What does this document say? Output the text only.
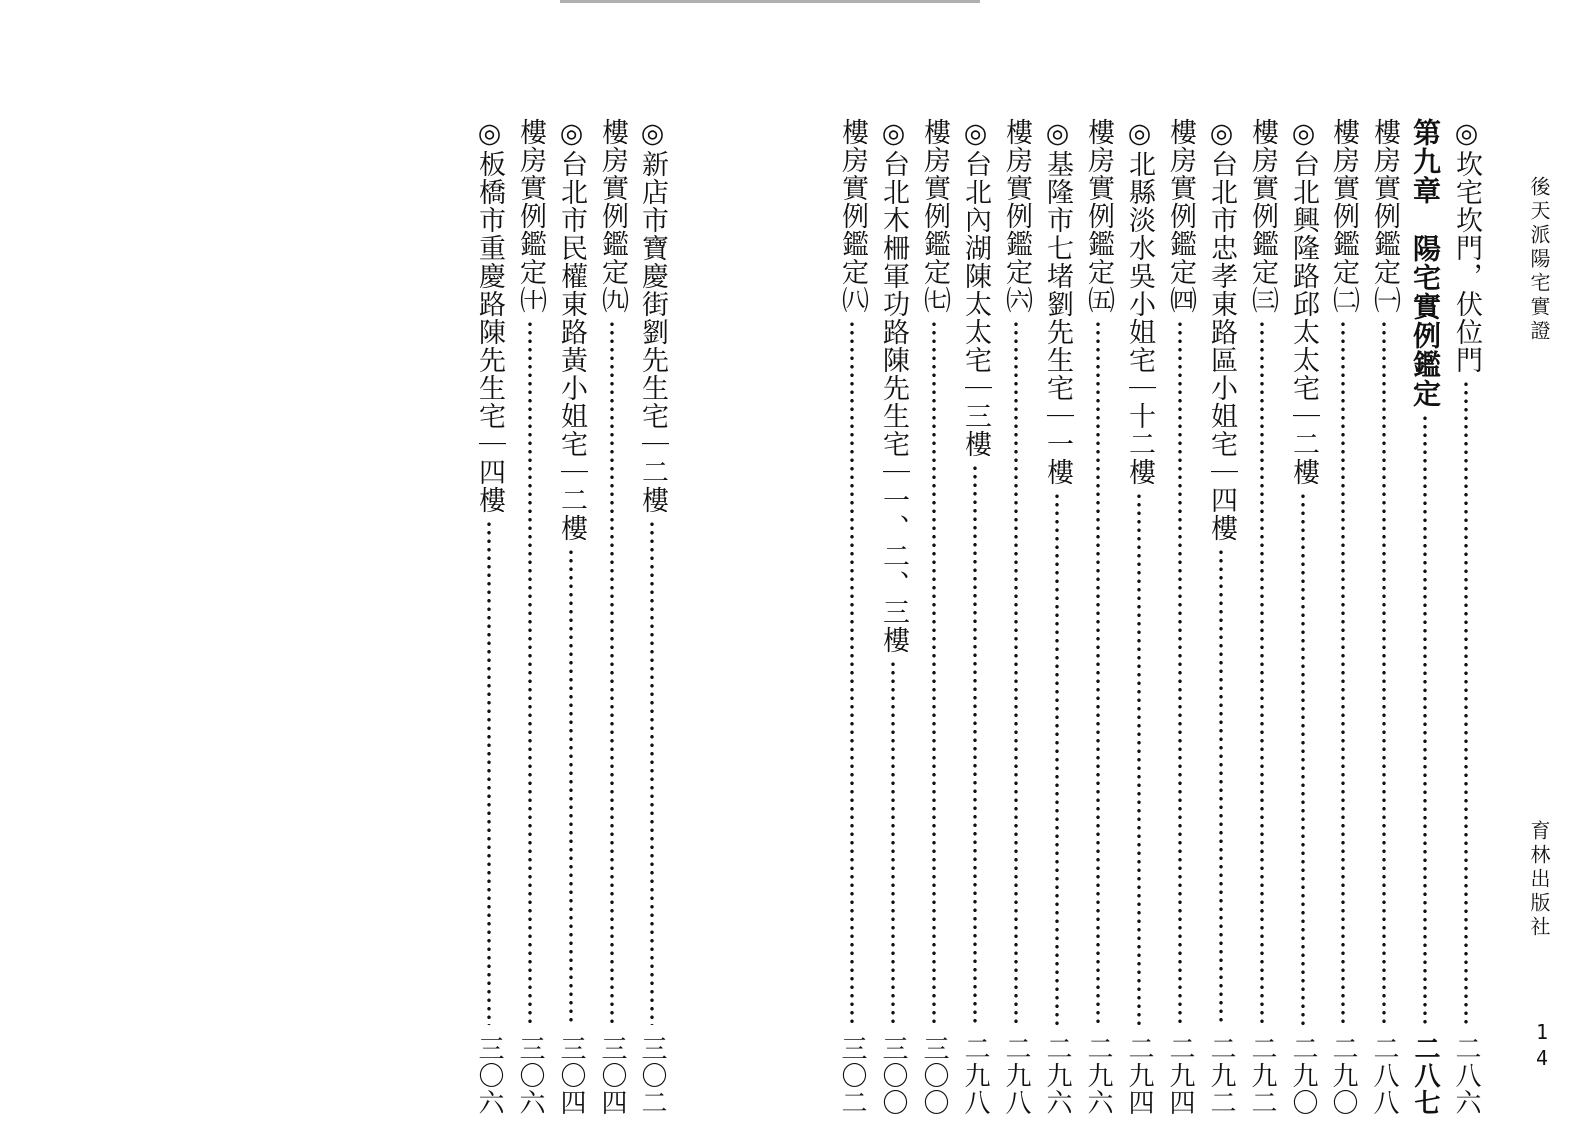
後天派陽宅實證
育林出版社
14
◎坎宅坎門，伏位門
二八六
第九章　陽宅實例鑑定
二八七
樓房實例鑑定㈠
二八八
◎台北興隆路邱太太宅｜二樓
二九〇
樓房實例鑑定㈡
二九〇
樓房實例鑑定㈢
二九二
◎台北市忠孝東路區小姐宅｜四樓
二九二
樓房實例鑑定㈣
二九四
◎北縣淡水吳小姐宅｜十二樓
二九四
樓房實例鑑定㈤
二九六
◎基隆市七堵劉先生宅｜一樓
二九六
樓房實例鑑定㈥
二九八
◎台北內湖陳太太宅｜三樓
二九八
樓房實例鑑定㈦
三〇〇
◎台北木柵軍功路陳先生宅｜一、二、三樓
三〇〇
樓房實例鑑定㈧
三〇二
◎新店市寶慶街劉先生宅｜二樓
三〇二
樓房實例鑑定㈨
三〇四
◎台北市民權東路黃小姐宅｜二樓
三〇四
樓房實例鑑定㈩
三〇六
◎板橋市重慶路陳先生宅｜四樓
三〇六
